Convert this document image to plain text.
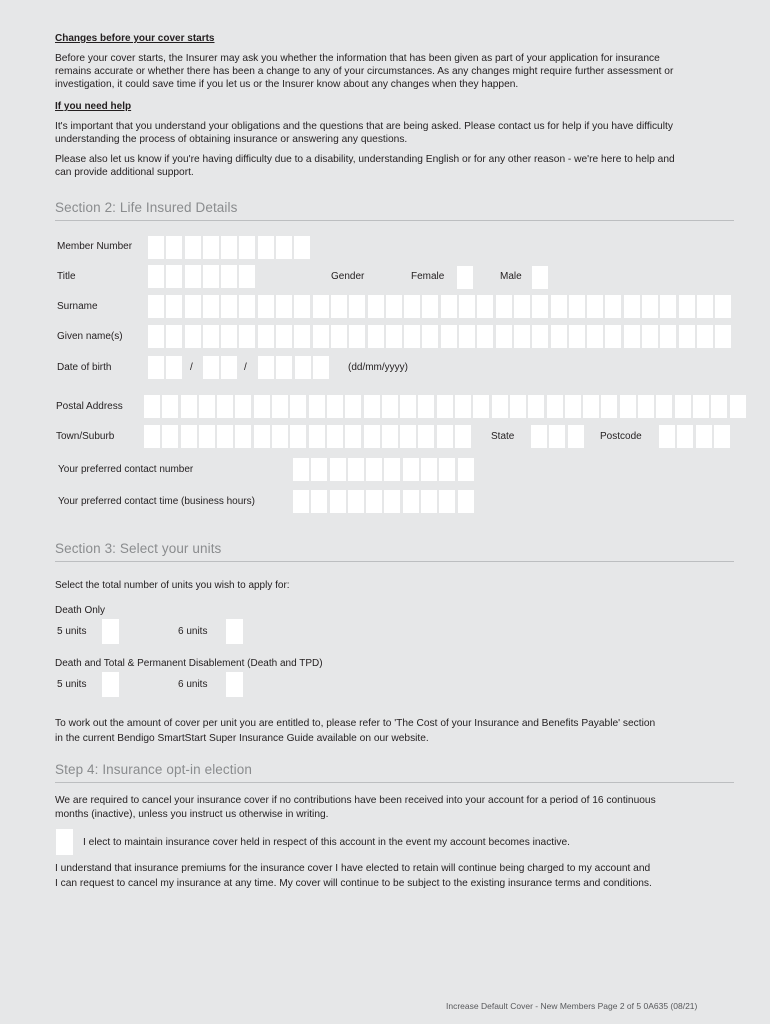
Changes before your cover starts
Before your cover starts, the Insurer may ask you whether the information that has been given as part of your application for insurance
remains accurate or whether there has been a change to any of your circumstances. As any changes might require further assessment or
investigation, it could save time if you let us or the Insurer know about any changes when they happen.
If you need help
It's important that you understand your obligations and the questions that are being asked. Please contact us for help if you have difficulty
understanding the process of obtaining insurance or answering any questions.
Please also let us know if you're having difficulty due to a disability, understanding English or for any other reason - we're here to help and
can provide additional support.
Section 2: Life Insured Details
Member Number
Title	Gender	Female	Male
Surname
Given name(s)
Date of birth	/	/	(dd/mm/yyyy)
Postal Address
Town/Suburb	State	Postcode
Your preferred contact number
Your preferred contact time (business hours)
Section 3: Select your units
Select the total number of units you wish to apply for:
Death Only
5 units	6 units
Death and Total & Permanent Disablement (Death and TPD)
5 units	6 units
To work out the amount of cover per unit you are entitled to, please refer to 'The Cost of your Insurance and Benefits Payable' section
in the current Bendigo SmartStart Super Insurance Guide available on our website.
Step 4: Insurance opt-in election
We are required to cancel your insurance cover if no contributions have been received into your account for a period of 16 continuous
months (inactive), unless you instruct us otherwise in writing.
I elect to maintain insurance cover held in respect of this account in the event my account becomes inactive.
I understand that insurance premiums for the insurance cover I have elected to retain will continue being charged to my account and
I can request to cancel my insurance at any time. My cover will continue to be subject to the existing insurance terms and conditions.
Increase Default Cover - New Members Page 2 of 5 0A635 (08/21)
